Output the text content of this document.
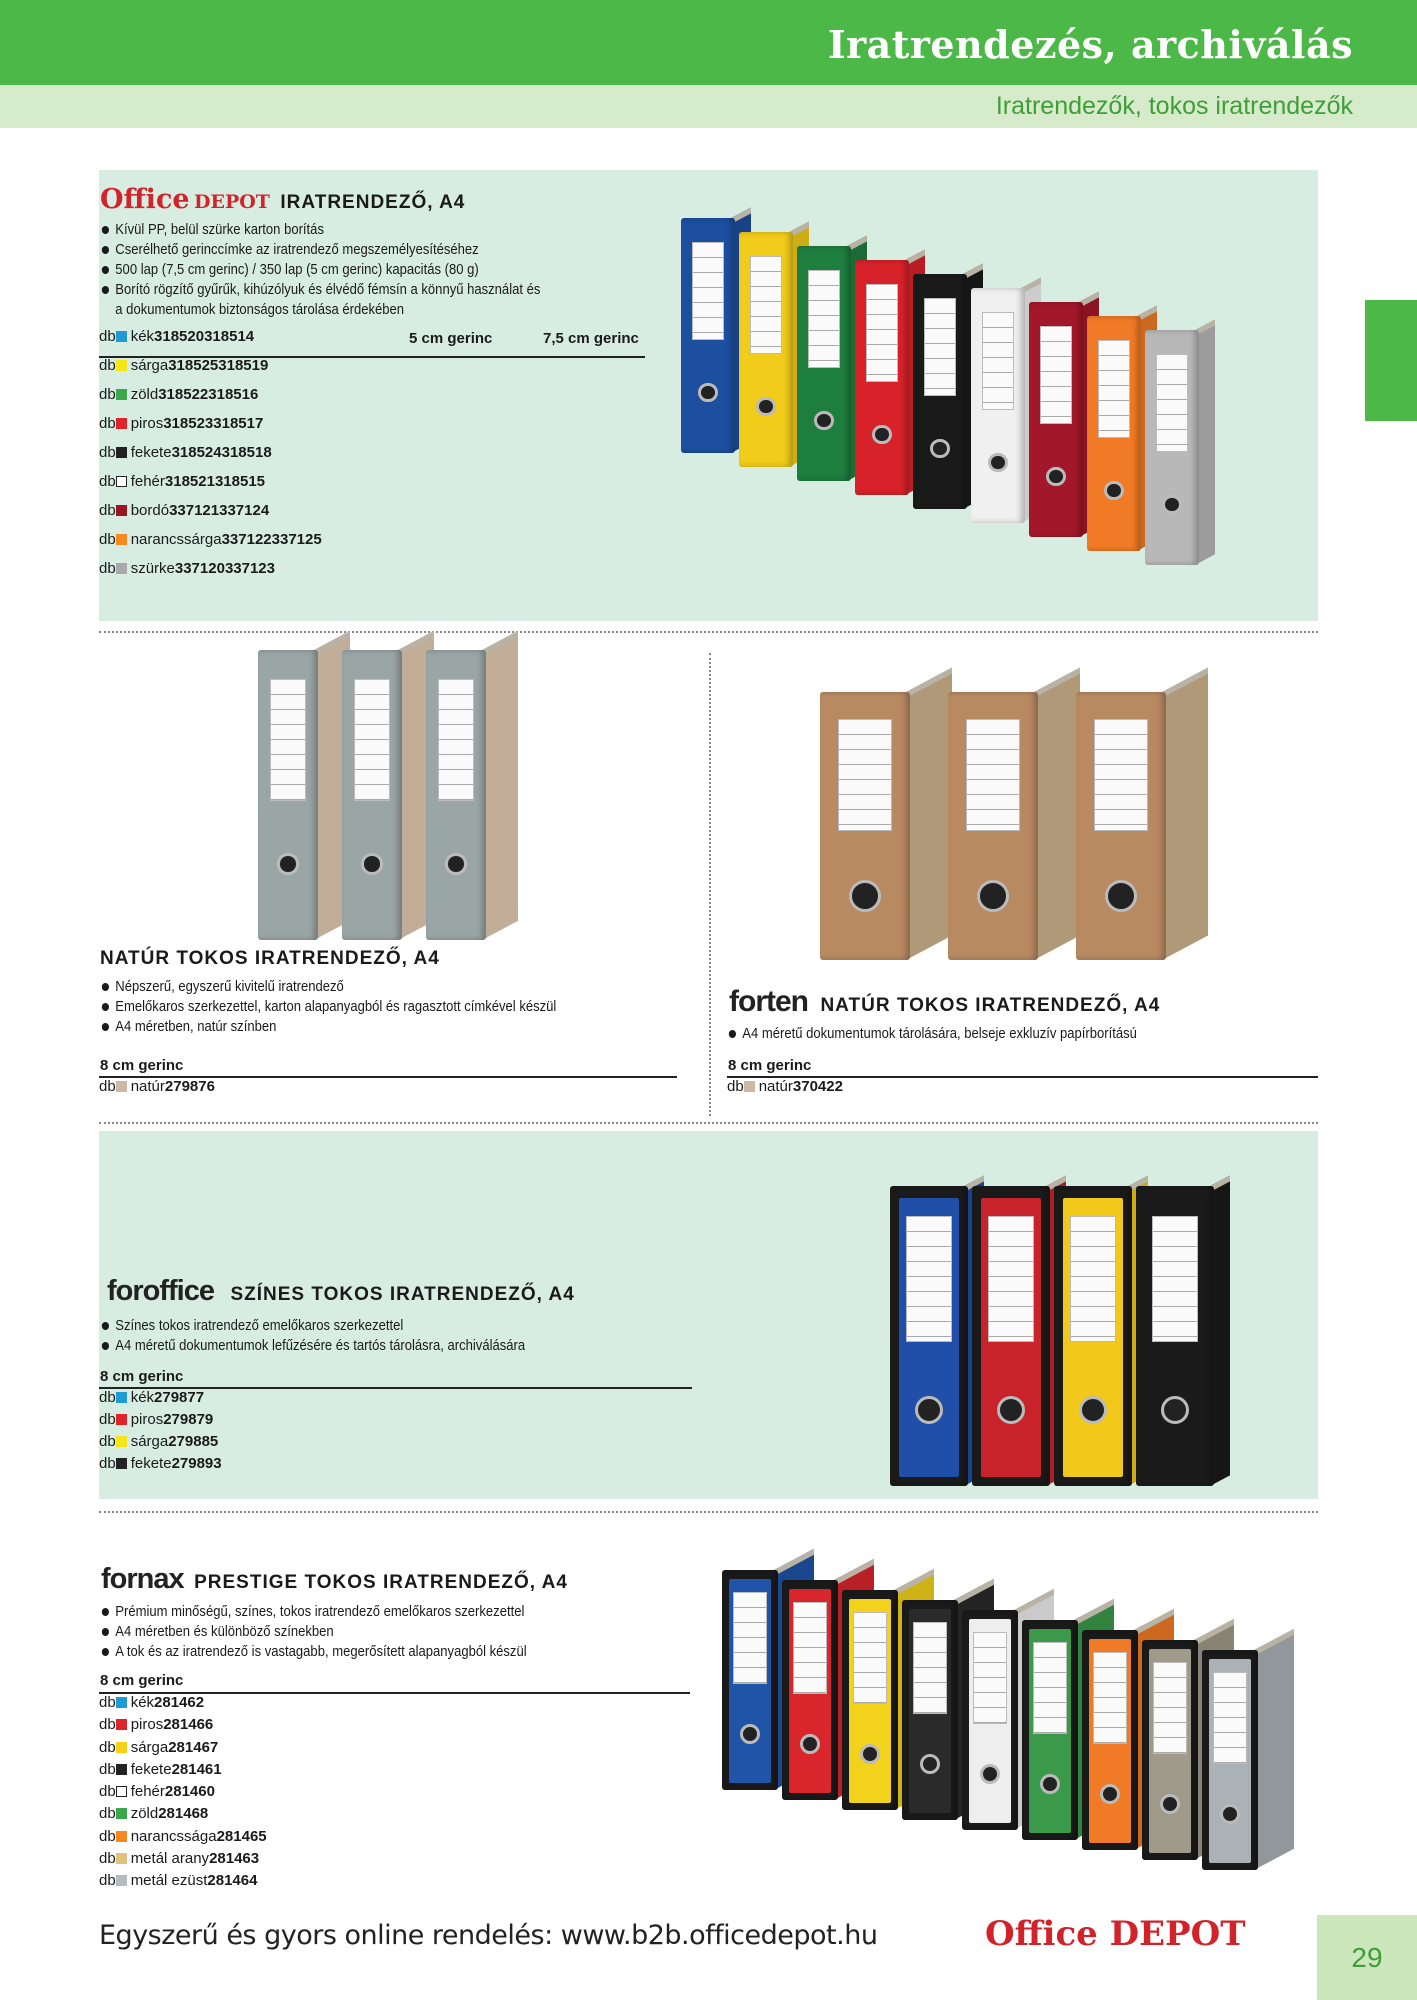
Iratrendezés, archiválás
Iratrendezők, tokos iratrendezők
Office DEPOT IRATRENDEZŐ, A4
Kívül PP, belül szürke karton borítás
Cserélhető gerinccímke az iratrendező megszemélyesítéséhez
500 lap (7,5 cm gerinc) / 350 lap (5 cm gerinc) kapacitás (80 g)
Borító rögzítő gyűrűk, kihúzólyuk és élvédő fémsín a könnyű használat és
a dokumentumok biztonságos tárolása érdekében
5 cm gerinc	7,5 cm gerinc
db kék318520318514
db sárga318525318519
db zöld318522318516
db piros318523318517
db fekete318524318518
db fehér318521318515
db bordó337121337124
db narancssárga337122337125
db szürke337120337123
NATÚR TOKOS IRATRENDEZŐ, A4
Népszerű, egyszerű kivitelű iratrendező
Emelőkaros szerkezettel, karton alapanyagból és ragasztott címkével készül
A4 méretben, natúr színben
8 cm gerinc
db natúr279876
forten NATÚR TOKOS IRATRENDEZŐ, A4
A4 méretű dokumentumok tárolására, belseje exkluzív papírborítású
8 cm gerinc
db natúr370422
foroffice SZÍNES TOKOS IRATRENDEZŐ, A4
Színes tokos iratrendező emelőkaros szerkezettel
A4 méretű dokumentumok lefűzésére és tartós tárolásra, archiválására
8 cm gerinc
db kék279877
db piros279879
db sárga279885
db fekete279893
fornax PRESTIGE TOKOS IRATRENDEZŐ, A4
Prémium minőségű, színes, tokos iratrendező emelőkaros szerkezettel
A4 méretben és különböző színekben
A tok és az iratrendező is vastagabb, megerősített alapanyagból készül
8 cm gerinc
db kék281462
db piros281466
db sárga281467
db fekete281461
db fehér281460
db zöld281468
db narancssága281465
db metál arany281463
db metál ezüst281464
Egyszerű és gyors online rendelés: www.b2b.officedepot.hu	Office DEPOT
29
